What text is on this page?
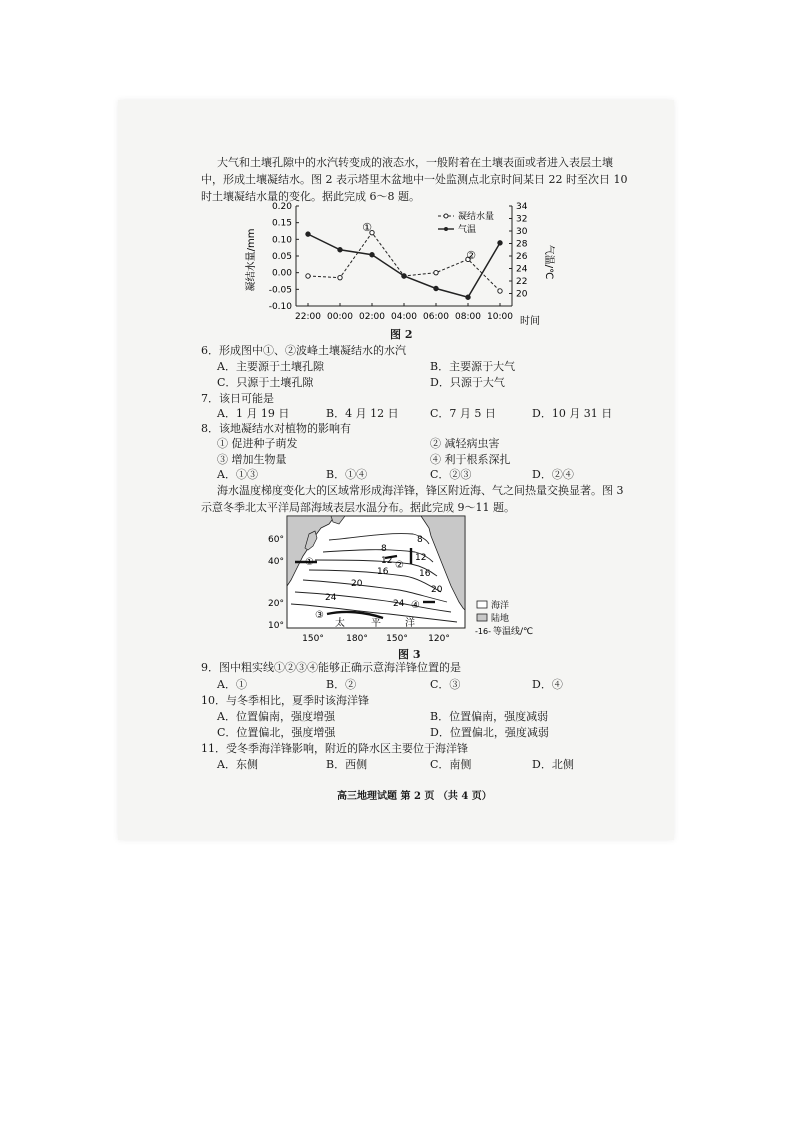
大气和土壤孔隙中的水汽转变成的液态水，一般附着在土壤表面或者进入表层土壤
中，形成土壤凝结水。图 2 表示塔里木盆地中一处监测点北京时间某日 22 时至次日 10
时土壤凝结水量的变化。据此完成 6～8 题。
凝结水量/mm	气温/℃
0.20
0.15
0.10
0.05
0.00
-0.05
-0.10
34
32
30
28
26
24
22
20
22:00 00:00 02:00 04:00 06:00 08:00 10:00
凝结水量
气温
①
②
时间
图 2
6．形成图中①、②波峰土壤凝结水的水汽
A．主要源于土壤孔隙	B．主要源于大气
C．只源于土壤孔隙	D．只源于大气
7．该日可能是
A．1 月 19 日	B．4 月 12 日	C．7 月 5 日	D．10 月 31 日
8．该地凝结水对植物的影响有
① 促进种子萌发	② 减轻病虫害
③ 增加生物量	④ 利于根系深扎
A．①③	B．①④	C．②③	D．②④
海水温度梯度变化大的区域常形成海洋锋，锋区附近海、气之间热量交换显著。图 3
示意冬季北太平洋局部海域表层水温分布。据此完成 9～11 题。
8
8
12	12
16	16
20
20
24
24
①	②
③
④
太	平 洋
60°
40°
20°
10°
150° 180° 150° 120°
海洋
陆地
-16- 等温线/℃
图 3
9．图中粗实线①②③④能够正确示意海洋锋位置的是
A．①	B．②	C．③	D．④
10．与冬季相比，夏季时该海洋锋
A．位置偏南，强度增强	B．位置偏南，强度减弱
C．位置偏北，强度增强	D．位置偏北，强度减弱
11．受冬季海洋锋影响，附近的降水区主要位于海洋锋
A．东侧	B．西侧	C．南侧	D．北侧
高三地理试题 第 2 页 （共 4 页）
